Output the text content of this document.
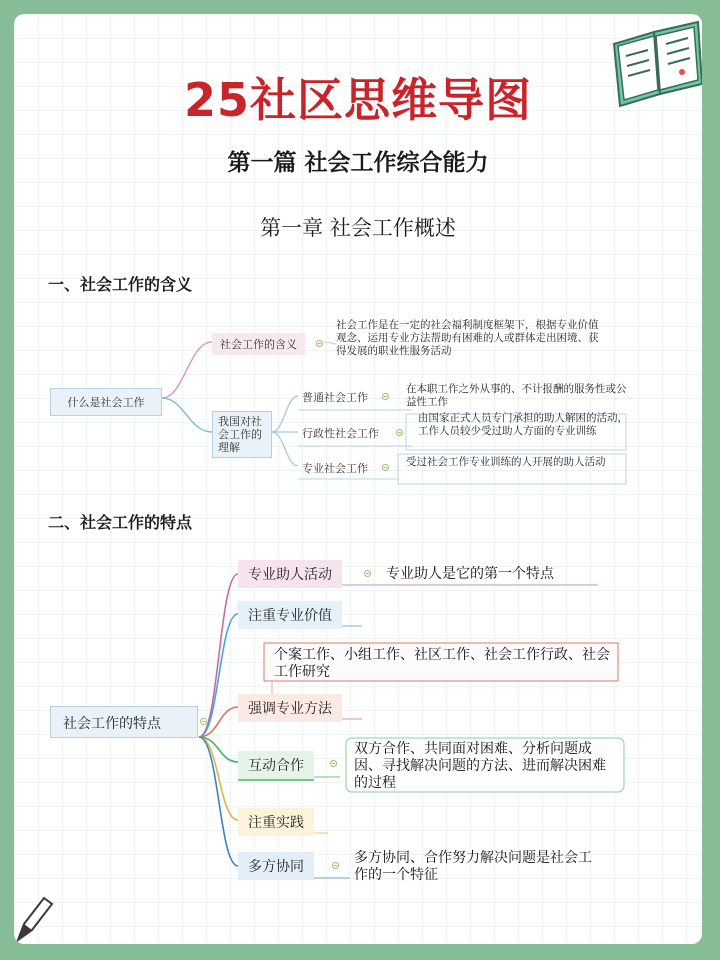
25社区思维导图
第一篇 社会工作综合能力
第一章 社会工作概述
一、社会工作的含义
什么是社会工作
社会工作的含义
社会工作是在一定的社会福利制度框架下，根据专业价值观念、运用专业方法帮助有困难的人或群体走出困境、获得发展的职业性服务活动
我国对社会工作的理解
普通社会工作
在本职工作之外从事的、不计报酬的服务性或公益性工作
行政性社会工作
由国家正式人员专门承担的助人解困的活动，工作人员较少受过助人方面的专业训练
专业社会工作	受过社会工作专业训练的人开展的助人活动
二、社会工作的特点
社会工作的特点
专业助人活动	专业助人是它的第一个特点
注重专业价值
个案工作、小组工作、社区工作、社会工作行政、社会工作研究
强调专业方法
互动合作
双方合作、共同面对困难、分析问题成因、寻找解决问题的方法、进而解决困难的过程
注重实践
多方协同
多方协同、合作努力解决问题是社会工作的一个特征
